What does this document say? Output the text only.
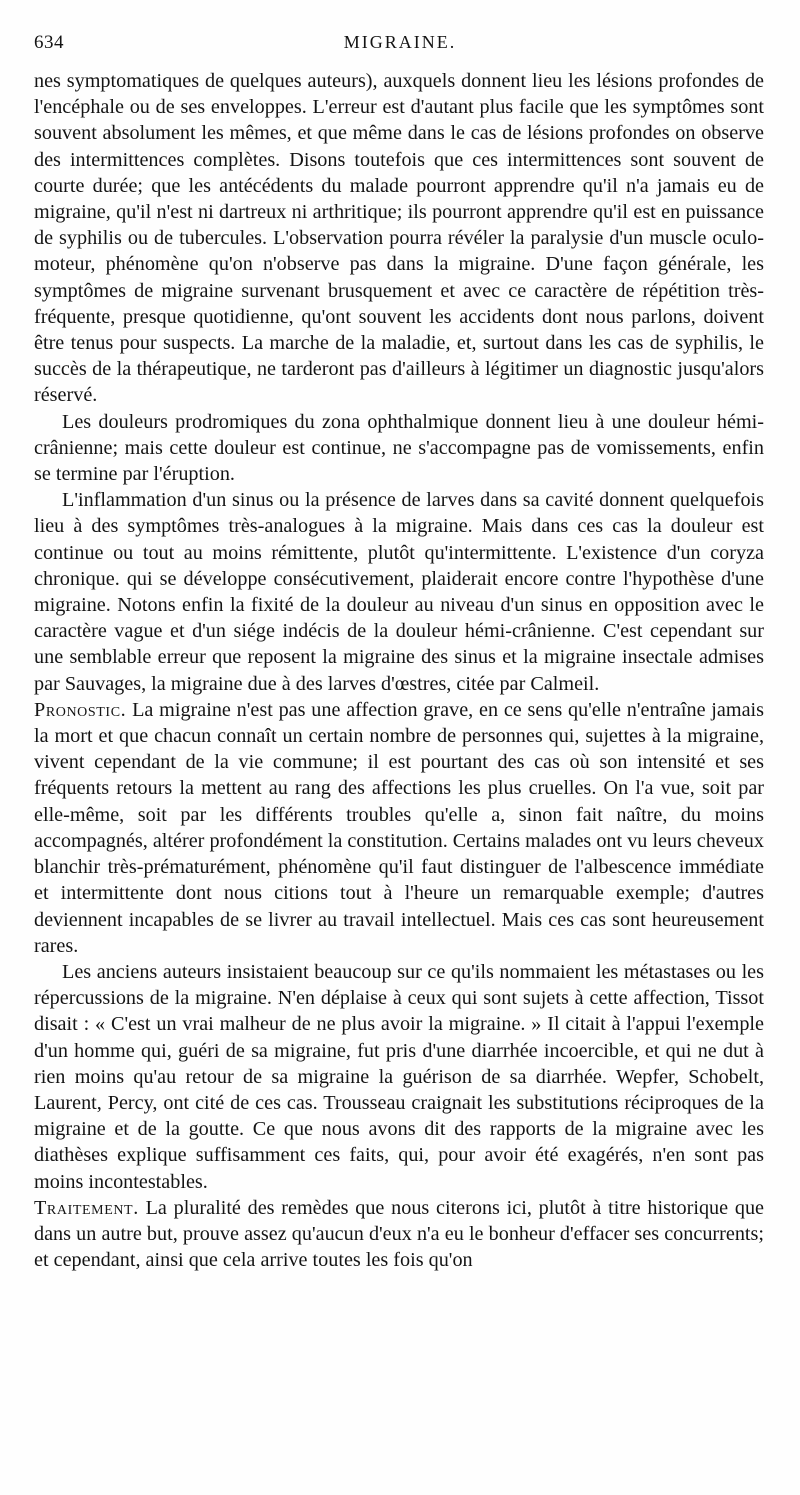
634	MIGRAINE.

nes symptomatiques de quelques auteurs), auxquels donnent lieu les lésions profondes de l'encéphale ou de ses enveloppes. L'erreur est d'autant plus facile que les symptômes sont souvent absolument les mêmes, et que même dans le cas de lésions profondes on observe des intermittences complètes. Disons toutefois que ces intermittences sont souvent de courte durée; que les antécédents du malade pourront apprendre qu'il n'a jamais eu de migraine, qu'il n'est ni dartreux ni arthritique; ils pourront apprendre qu'il est en puissance de syphilis ou de tubercules. L'observation pourra révéler la paralysie d'un muscle oculo-moteur, phénomène qu'on n'observe pas dans la migraine. D'une façon générale, les symptômes de migraine survenant brusquement et avec ce caractère de répétition très-fréquente, presque quotidienne, qu'ont souvent les accidents dont nous parlons, doivent être tenus pour suspects. La marche de la maladie, et, surtout dans les cas de syphilis, le succès de la thérapeutique, ne tarderont pas d'ailleurs à légitimer un diagnostic jusqu'alors réservé.

Les douleurs prodromiques du zona ophthalmique donnent lieu à une douleur hémi-crânienne; mais cette douleur est continue, ne s'accompagne pas de vomissements, enfin se termine par l'éruption.

L'inflammation d'un sinus ou la présence de larves dans sa cavité donnent quelquefois lieu à des symptômes très-analogues à la migraine. Mais dans ces cas la douleur est continue ou tout au moins rémittente, plutôt qu'intermittente. L'existence d'un coryza chronique. qui se développe consécutivement, plaiderait encore contre l'hypothèse d'une migraine. Notons enfin la fixité de la douleur au niveau d'un sinus en opposition avec le caractère vague et d'un siége indécis de la douleur hémi-crânienne. C'est cependant sur une semblable erreur que reposent la migraine des sinus et la migraine insectale admises par Sauvages, la migraine due à des larves d'œstres, citée par Calmeil.

Pronostic. La migraine n'est pas une affection grave, en ce sens qu'elle n'entraîne jamais la mort et que chacun connaît un certain nombre de personnes qui, sujettes à la migraine, vivent cependant de la vie commune; il est pourtant des cas où son intensité et ses fréquents retours la mettent au rang des affections les plus cruelles. On l'a vue, soit par elle-même, soit par les différents troubles qu'elle a, sinon fait naître, du moins accompagnés, altérer profondément la constitution. Certains malades ont vu leurs cheveux blanchir très-prématurément, phénomène qu'il faut distinguer de l'albescence immédiate et intermittente dont nous citions tout à l'heure un remarquable exemple; d'autres deviennent incapables de se livrer au travail intellectuel. Mais ces cas sont heureusement rares.

Les anciens auteurs insistaient beaucoup sur ce qu'ils nommaient les métastases ou les répercussions de la migraine. N'en déplaise à ceux qui sont sujets à cette affection, Tissot disait : « C'est un vrai malheur de ne plus avoir la migraine. » Il citait à l'appui l'exemple d'un homme qui, guéri de sa migraine, fut pris d'une diarrhée incoercible, et qui ne dut à rien moins qu'au retour de sa migraine la guérison de sa diarrhée. Wepfer, Schobelt, Laurent, Percy, ont cité de ces cas. Trousseau craignait les substitutions réciproques de la migraine et de la goutte. Ce que nous avons dit des rapports de la migraine avec les diathèses explique suffisamment ces faits, qui, pour avoir été exagérés, n'en sont pas moins incontestables.

Traitement. La pluralité des remèdes que nous citerons ici, plutôt à titre historique que dans un autre but, prouve assez qu'aucun d'eux n'a eu le bonheur d'effacer ses concurrents; et cependant, ainsi que cela arrive toutes les fois qu'on
